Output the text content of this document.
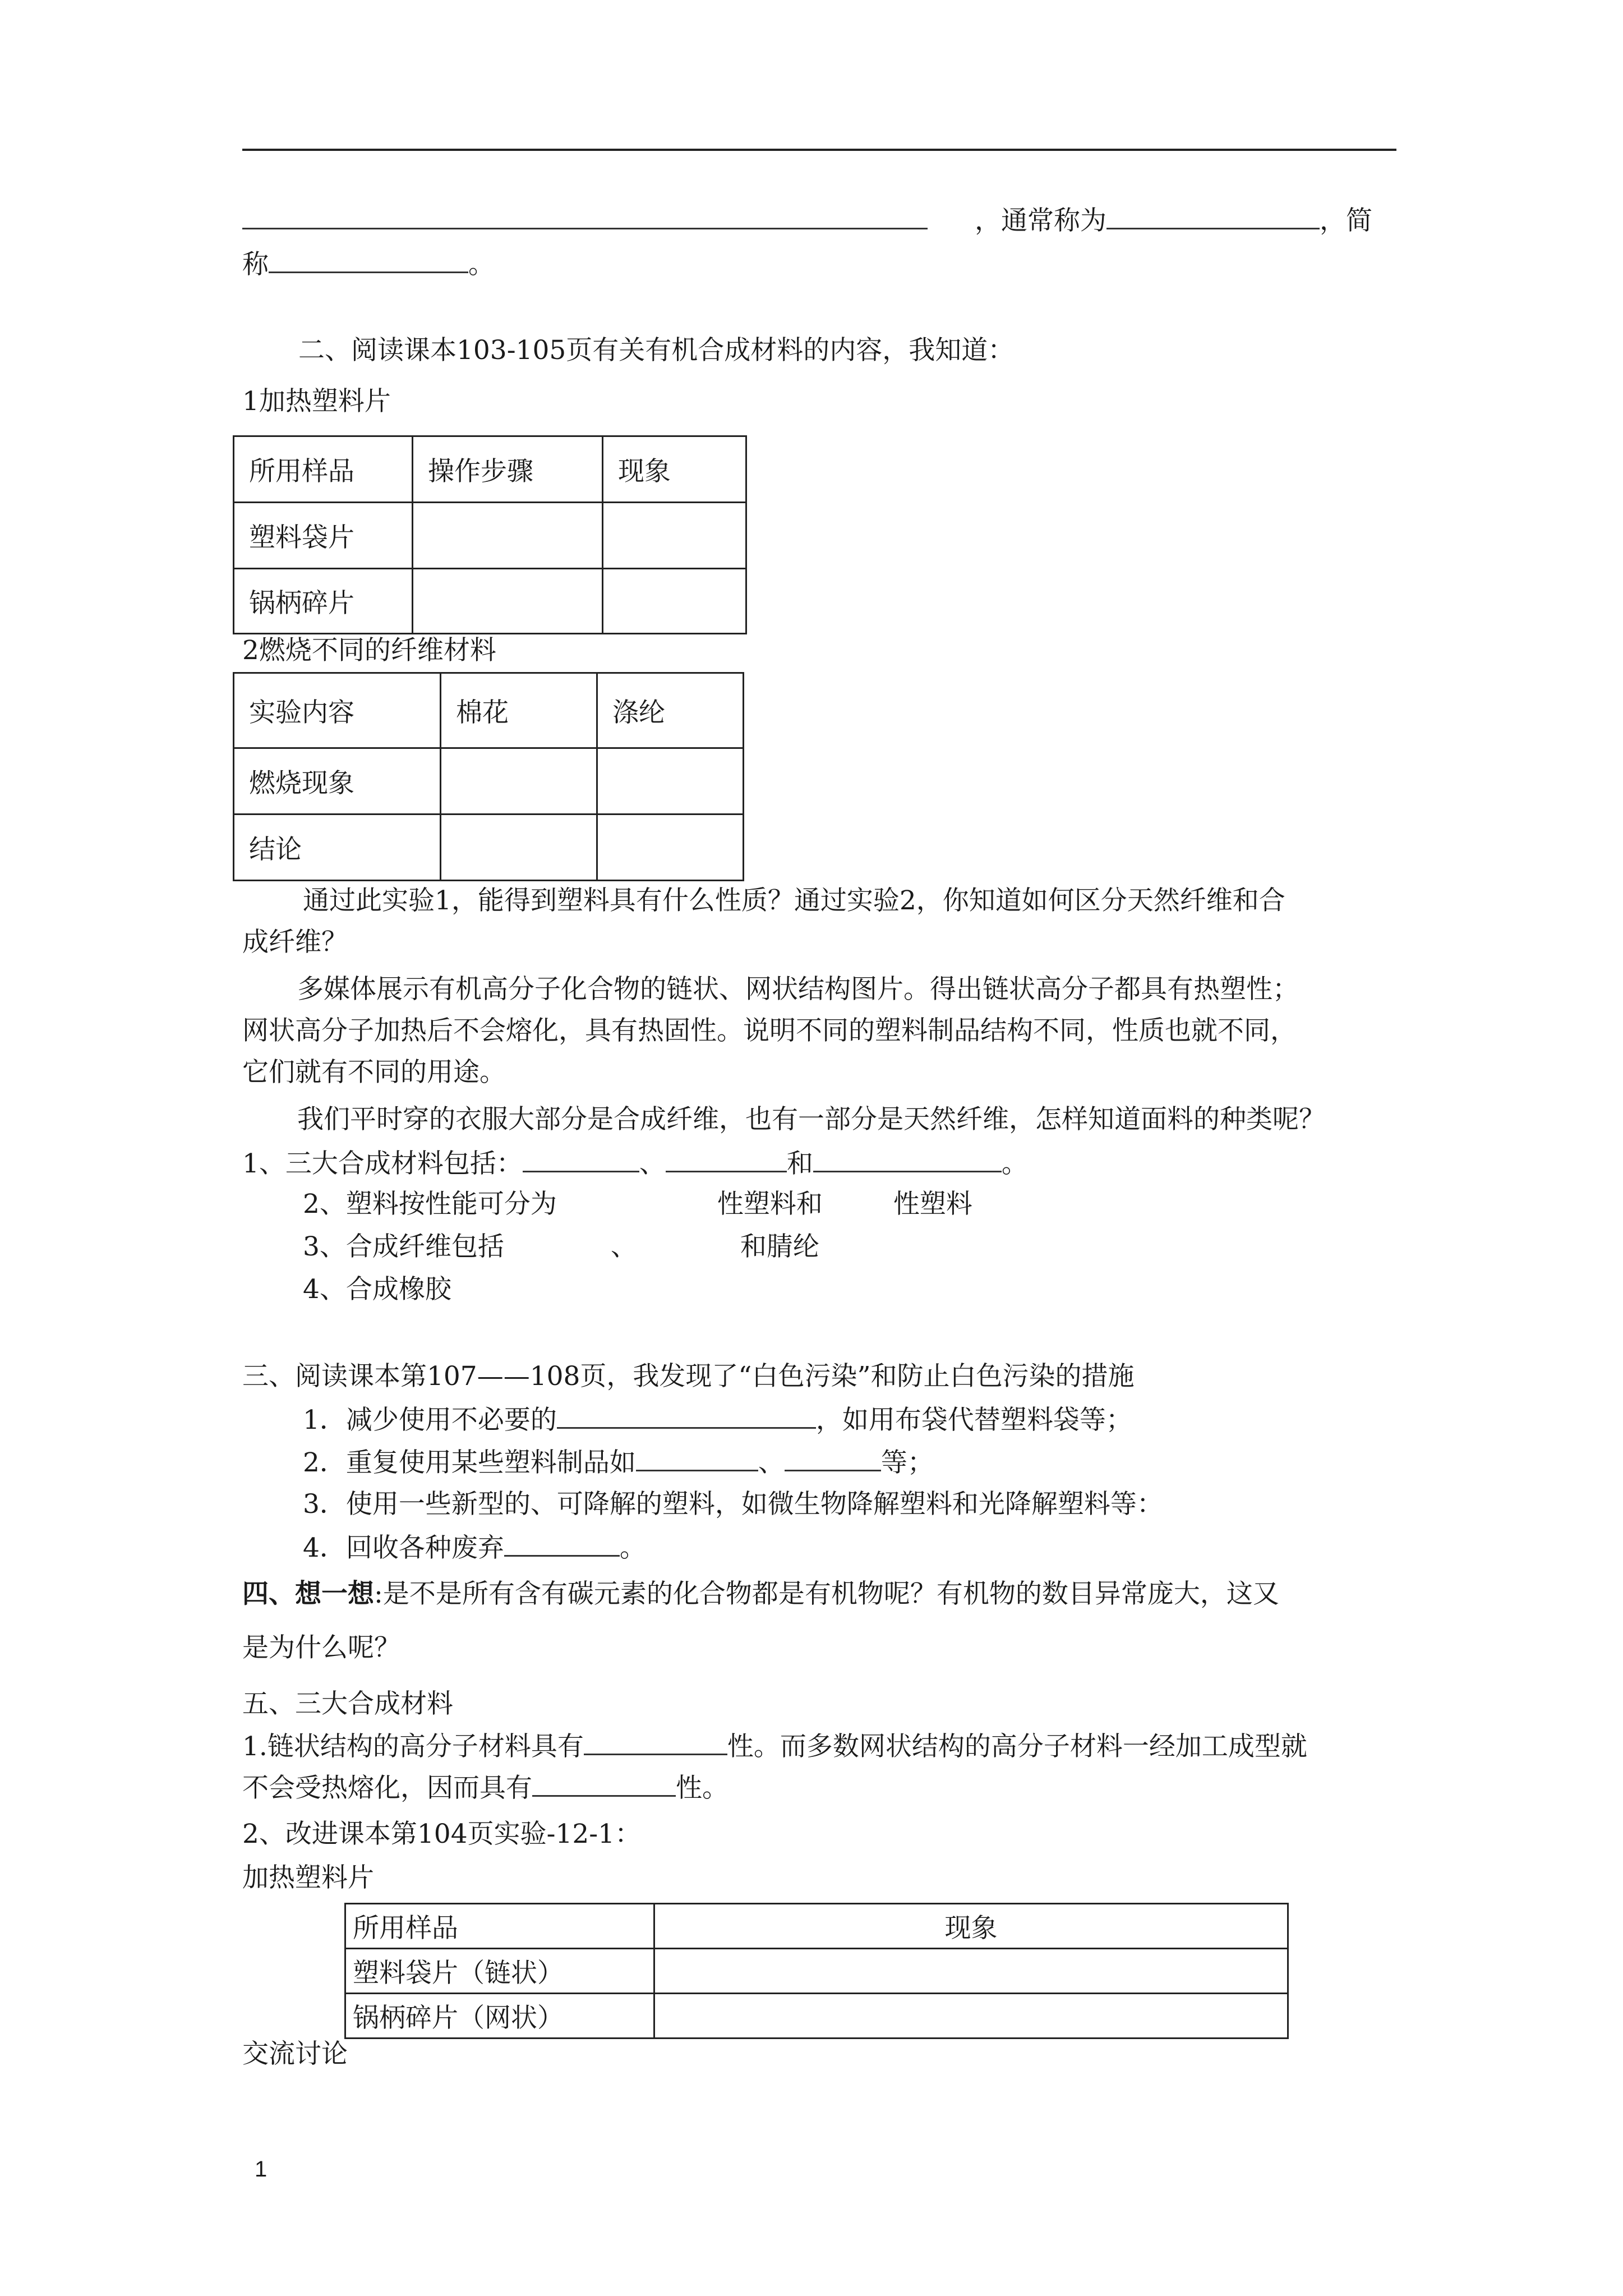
，通常称为	，简
称	。
二、阅读课本103-105页有关有机合成材料的内容，我知道：
1加热塑料片
所用样品	操作步骤	现象
塑料袋片		
锅柄碎片		
2燃烧不同的纤维材料
实验内容	棉花	涤纶
燃烧现象		
结论		
通过此实验1，能得到塑料具有什么性质？通过实验2，你知道如何区分天然纤维和合
成纤维？
多媒体展示有机高分子化合物的链状、网状结构图片。得出链状高分子都具有热塑性；
网状高分子加热后不会熔化，具有热固性。说明不同的塑料制品结构不同，性质也就不同，
它们就有不同的用途。
我们平时穿的衣服大部分是合成纤维，也有一部分是天然纤维，怎样知道面料的种类呢？
1、三大合成材料包括：	、	和	。
2、塑料按性能可分为	性塑料和	性塑料
3、合成纤维包括	、	和腈纶
4、合成橡胶
三、阅读课本第107——108页，我发现了“白色污染”和防止白色污染的措施
1．减少使用不必要的	，如用布袋代替塑料袋等；
2．重复使用某些塑料制品如	、	等；
3．使用一些新型的、可降解的塑料，如微生物降解塑料和光降解塑料等：
4．回收各种废弃	。
四、想一想:是不是所有含有碳元素的化合物都是有机物呢？有机物的数目异常庞大，这又
是为什么呢？
五、三大合成材料
1.链状结构的高分子材料具有	性。而多数网状结构的高分子材料一经加工成型就
不会受热熔化，因而具有	性。
2、改进课本第104页实验-12-1：
加热塑料片
所用样品	现象
塑料袋片（链状）	
锅柄碎片（网状）	
交流讨论
1
